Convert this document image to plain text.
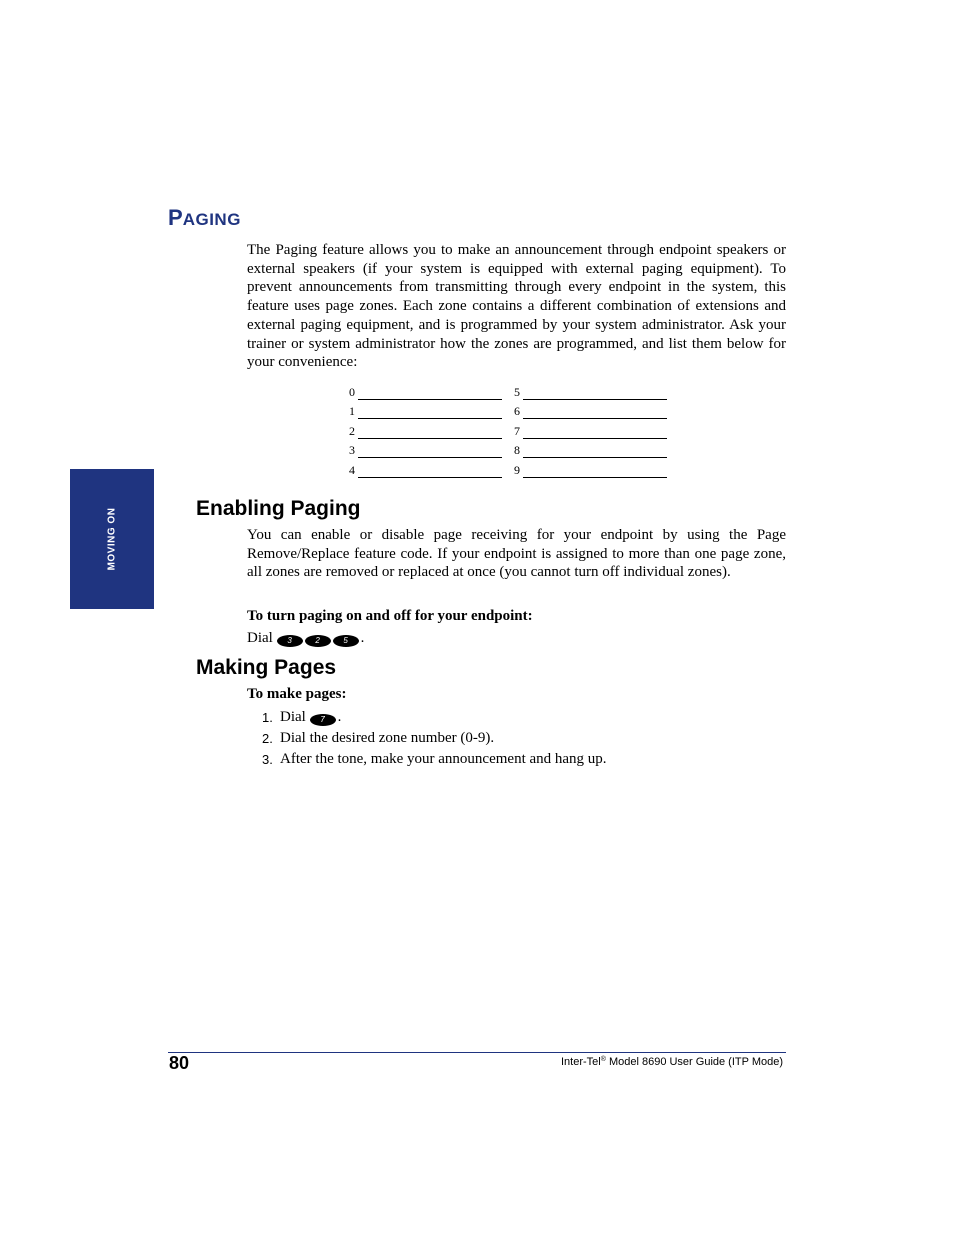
MOVING ON
PAGING

The Paging feature allows you to make an announcement through endpoint speakers or external speakers (if your system is equipped with external paging equipment). To prevent announcements from transmitting through every endpoint in the system, this feature uses page zones. Each zone contains a different combination of extensions and external paging equipment, and is programmed by your system administrator. Ask your trainer or system administrator how the zones are programmed, and list them below for your convenience:

0	5
1	6
2	7
3	8
4	9
Enabling Paging

You can enable or disable page receiving for your endpoint by using the Page Remove/Replace feature code. If your endpoint is assigned to more than one page zone, all zones are removed or replaced at once (you cannot turn off individual zones).

To turn paging on and off for your endpoint:

Dial 3	2	5 .
Making Pages

To make pages:

1. Dial 7 .
2. Dial the desired zone number (0-9).
3. After the tone, make your announcement and hang up.
80	Inter-Tel® Model 8690 User Guide (ITP Mode)
